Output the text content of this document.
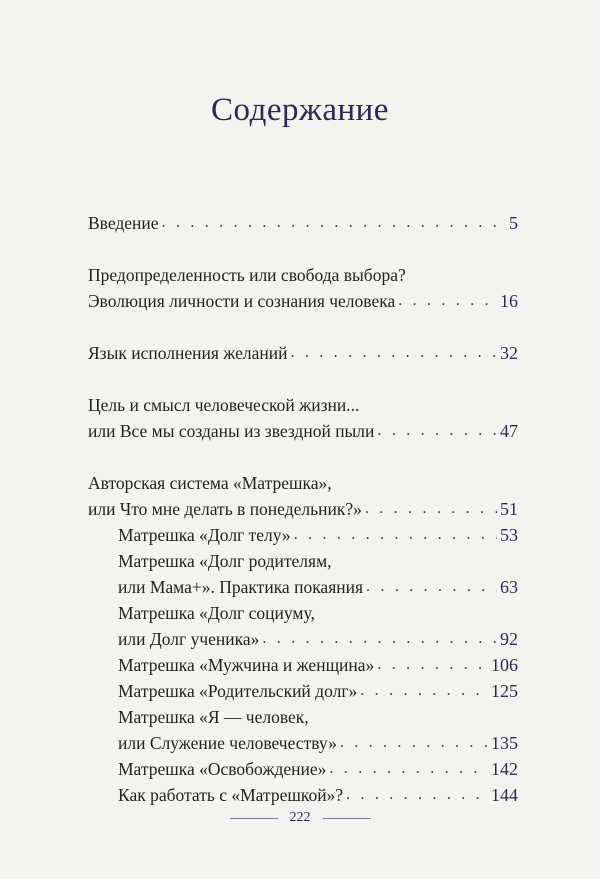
Содержание
Введение . . .	5
Предопределенность или свобода выбора?
Эволюция личности и сознания человека . . .	16
Язык исполнения желаний . . .	32
Цель и смысл человеческой жизни...
или Все мы созданы из звездной пыли . . .	47
Авторская система «Матрешка»,
или Что мне делать в понедельник?» . . .	51
Матрешка «Долг телу» . . .	53
Матрешка «Долг родителям,
или Мама+». Практика покаяния . . .	63
Матрешка «Долг социуму,
или Долг ученика» . . .	92
Матрешка «Мужчина и женщина» . . .	106
Матрешка «Родительский долг» . . .	125
Матрешка «Я — человек,
или Служение человечеству» . . .	135
Матрешка «Освобождение» . . .	142
Как работать с «Матрешкой»? . . .	144
222
